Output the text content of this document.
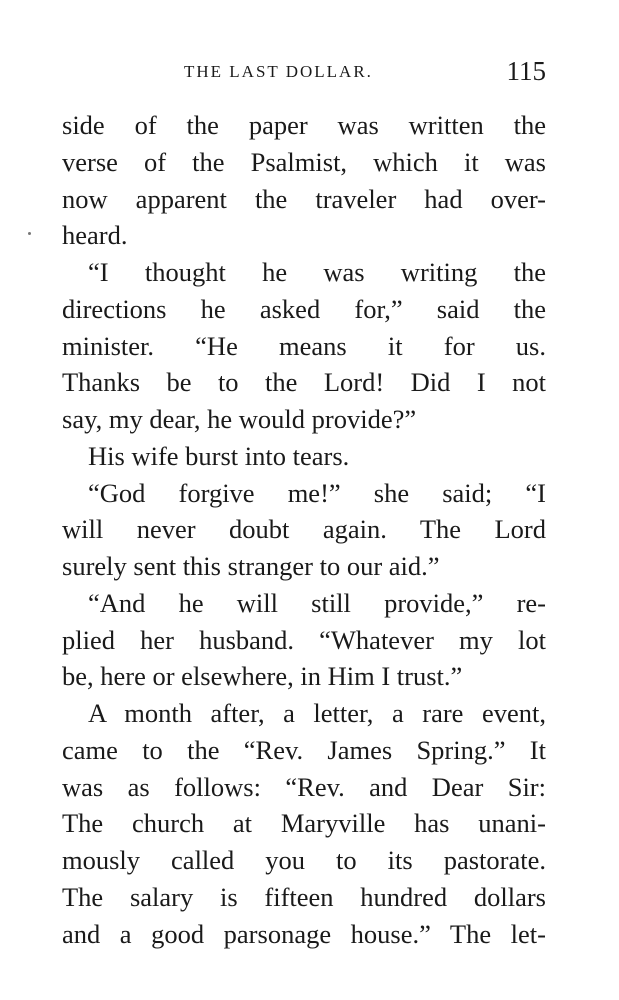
THE LAST DOLLAR.	115
side of the paper was written the
verse of the Psalmist, which it was
now apparent the traveler had over-
heard.
“I thought he was writing the
directions he asked for,” said the
minister. “He means it for us.
Thanks be to the Lord! Did I not
say, my dear, he would provide?”
His wife burst into tears.
“God forgive me!” she said; “I
will never doubt again. The Lord
surely sent this stranger to our aid.”
“And he will still provide,” re-
plied her husband. “Whatever my lot
be, here or elsewhere, in Him I trust.”
A month after, a letter, a rare event,
came to the “Rev. James Spring.” It
was as follows: “Rev. and Dear Sir:
The church at Maryville has unani-
mously called you to its pastorate.
The salary is fifteen hundred dollars
and a good parsonage house.” The let-
